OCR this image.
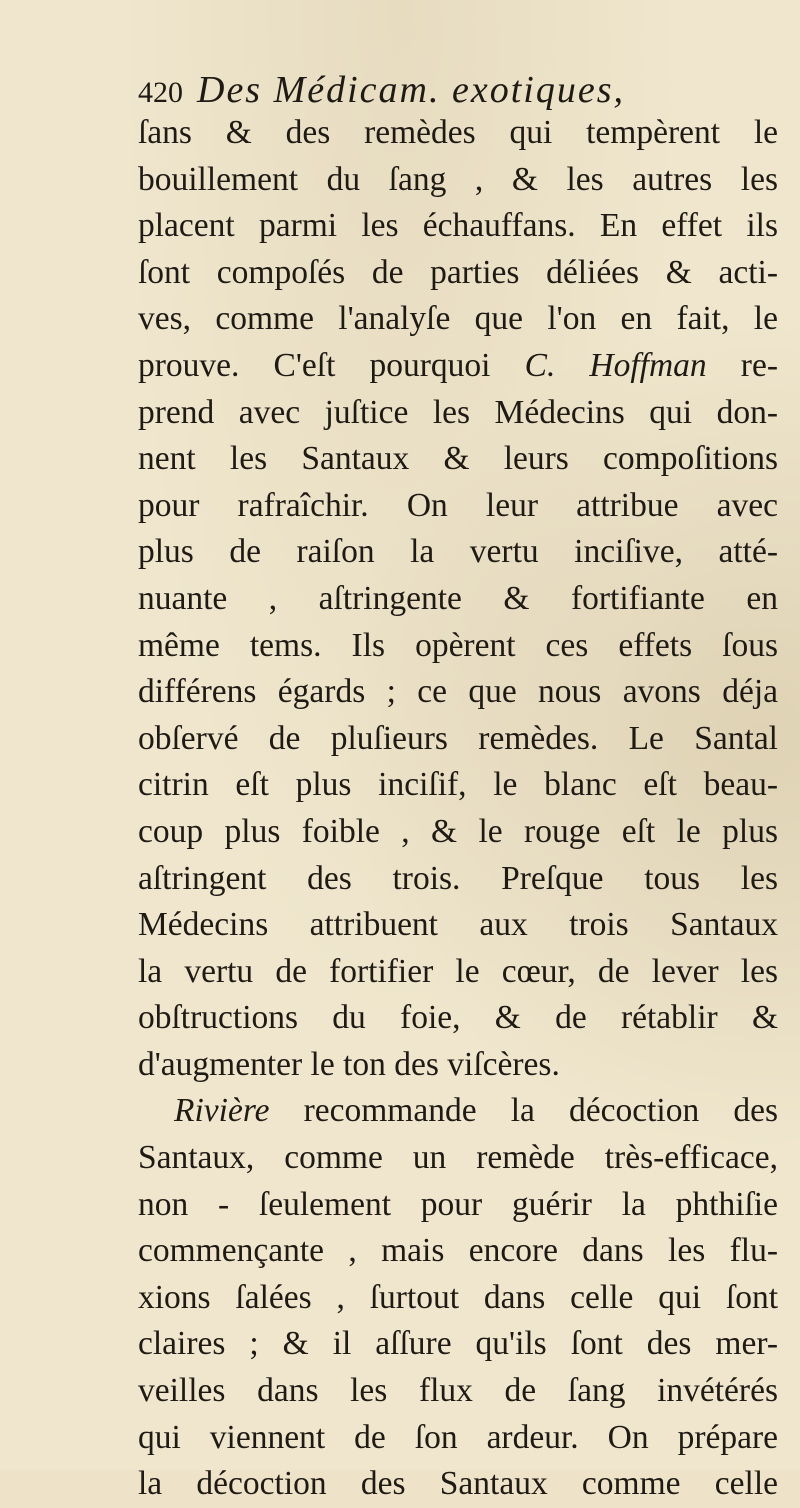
420 Des Médicam. exotiques,
ſans & des remèdes qui tempèrent le
bouillement du ſang , & les autres les
placent parmi les échauffans. En effet ils
ſont compoſés de parties déliées & acti-
ves, comme l'analyſe que l'on en fait, le
prouve. C'eſt pourquoi C. Hoffman re-
prend avec juſtice les Médecins qui don-
nent les Santaux & leurs compoſitions
pour rafraîchir. On leur attribue avec
plus de raiſon la vertu inciſive, atté-
nuante , aſtringente & fortifiante en
même tems. Ils opèrent ces effets ſous
différens égards ; ce que nous avons déja
obſervé de pluſieurs remèdes. Le Santal
citrin eſt plus inciſif, le blanc eſt beau-
coup plus foible , & le rouge eſt le plus
aſtringent des trois. Preſque tous les
Médecins attribuent aux trois Santaux
la vertu de fortifier le cœur, de lever les
obſtructions du foie, & de rétablir &
d'augmenter le ton des viſcères.
Rivière recommande la décoction des
Santaux, comme un remède très-efficace,
non - ſeulement pour guérir la phthiſie
commençante , mais encore dans les flu-
xions ſalées , ſurtout dans celle qui ſont
claires ; & il aſſure qu'ils ſont des mer-
veilles dans les flux de ſang invétérés
qui viennent de ſon ardeur. On prépare
la décoction des Santaux comme celle
